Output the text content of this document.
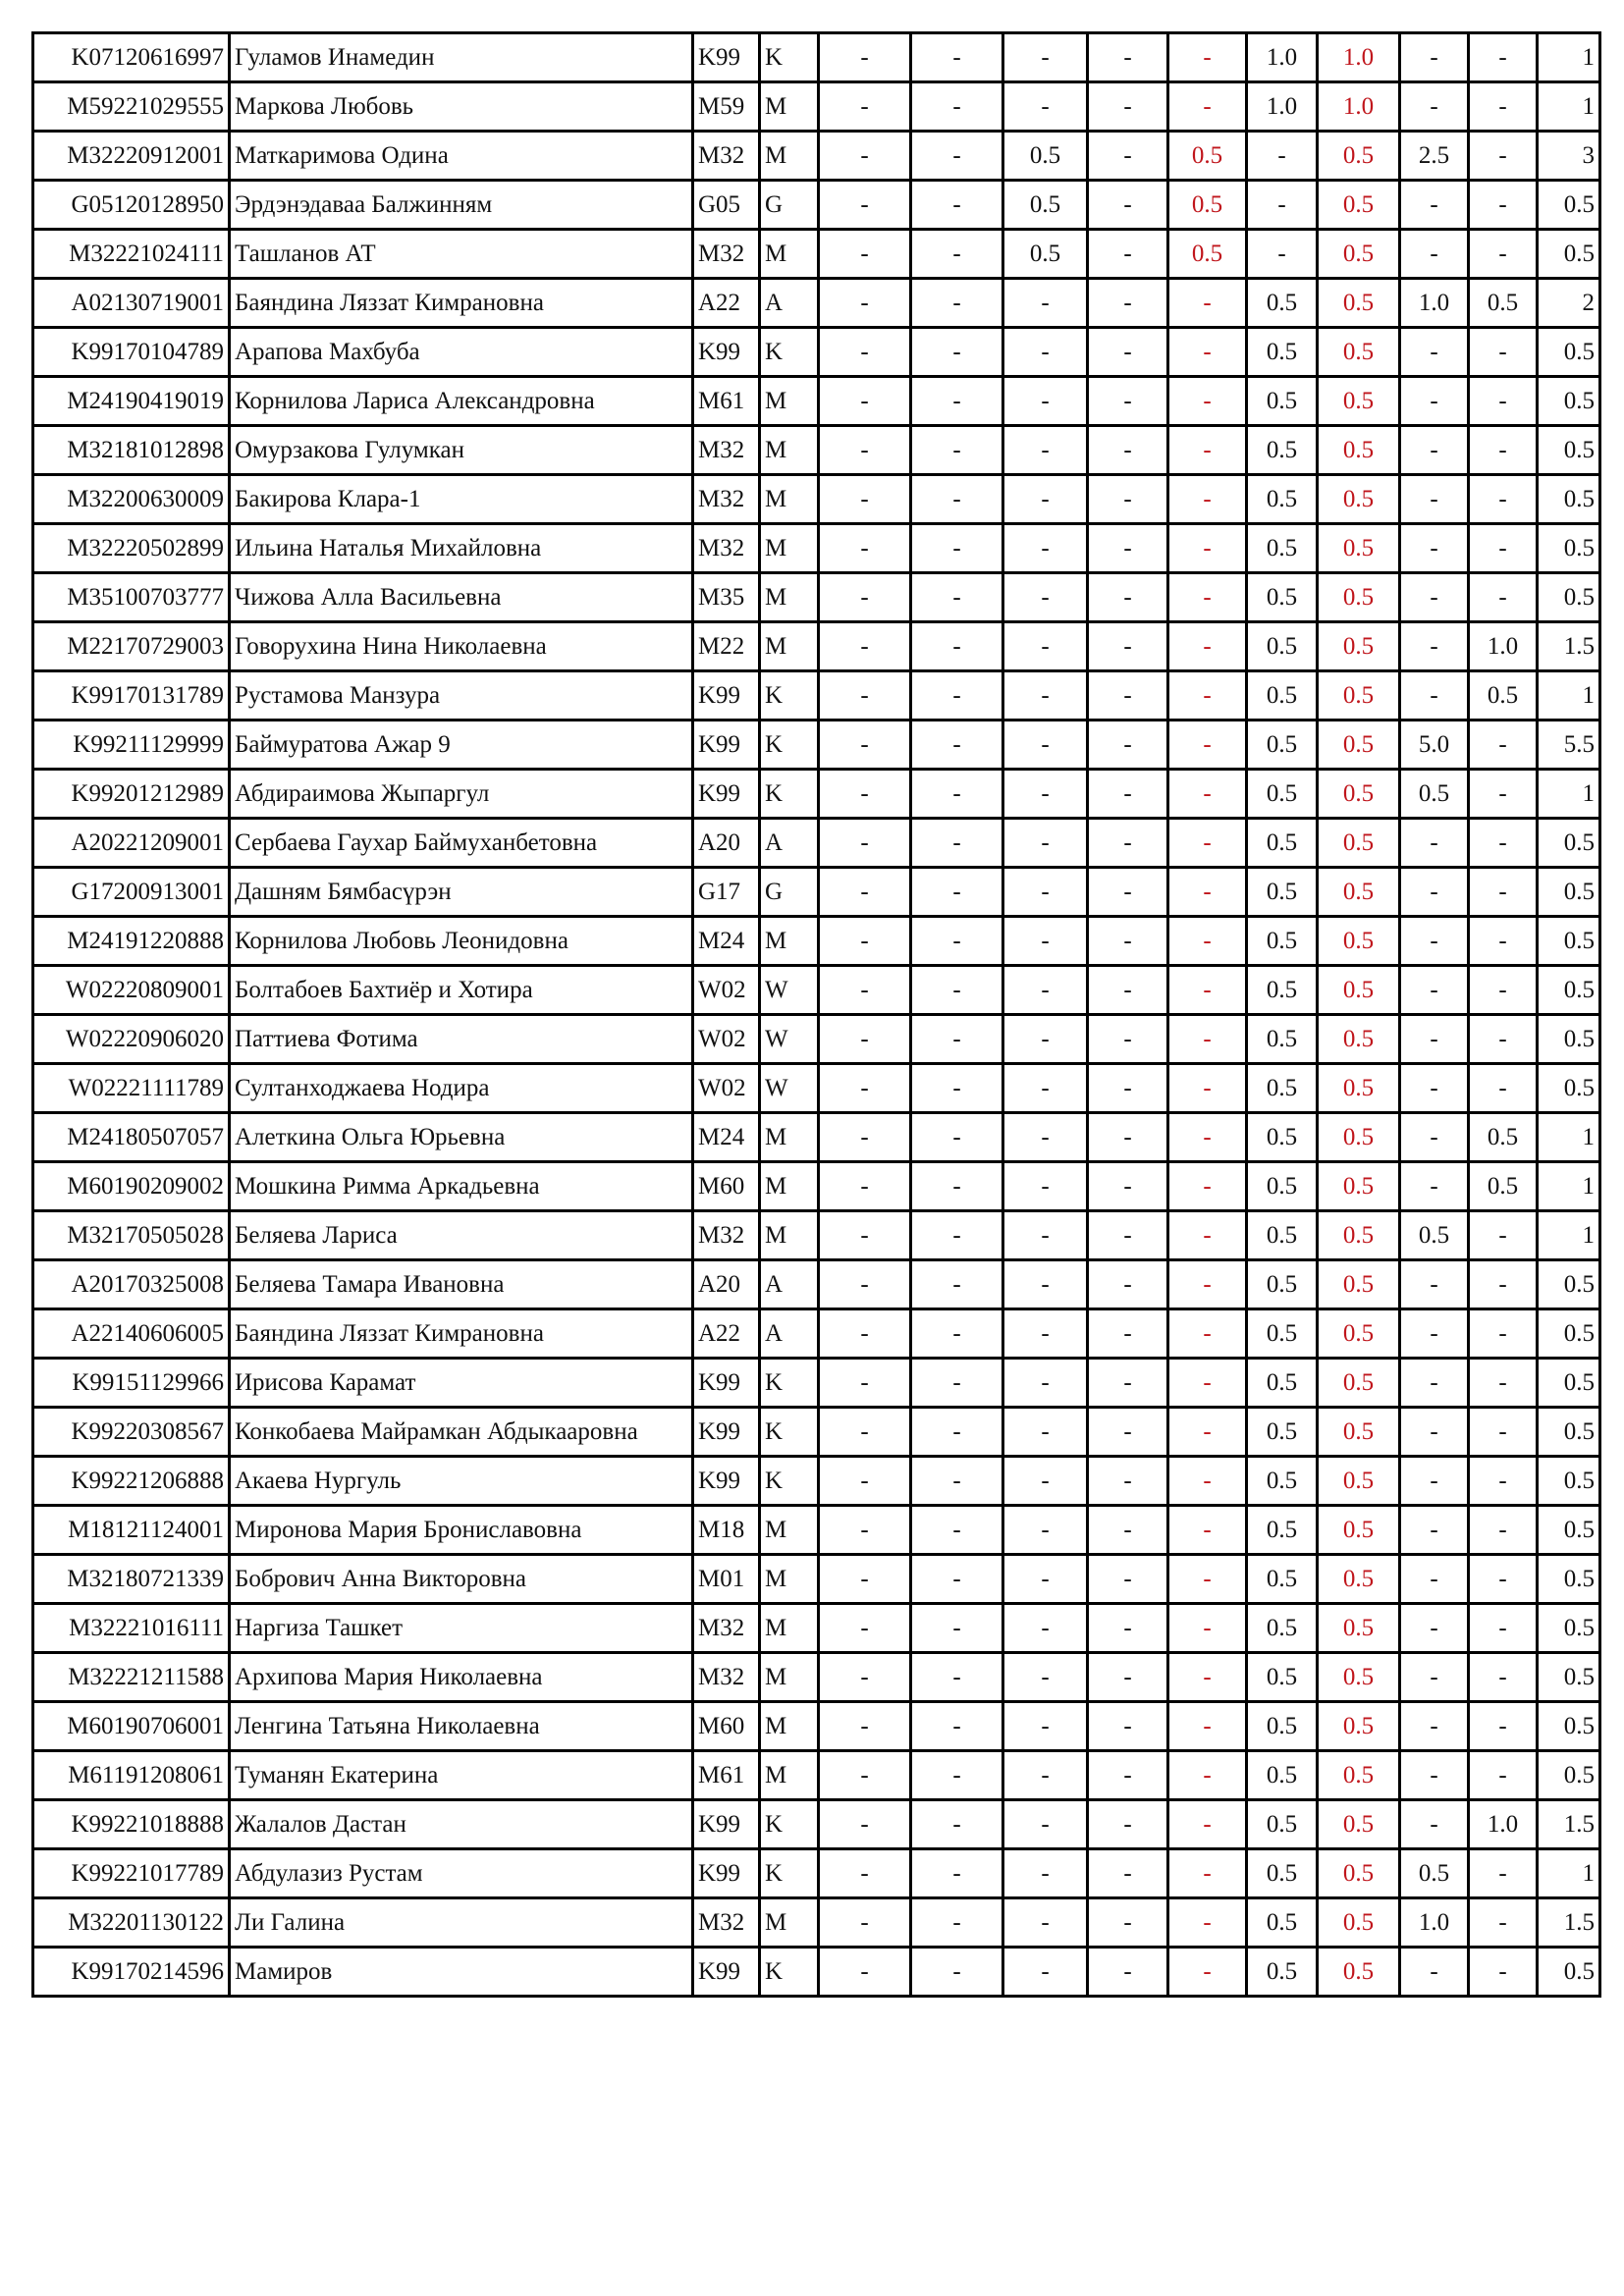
K07120616997	Гуламов Инамедин	K99	K	-	-	-	-	-	1.0	1.0	-	-	1
M59221029555	Маркова Любовь	M59	M	-	-	-	-	-	1.0	1.0	-	-	1
M32220912001	Маткаримова Одина	M32	M	-	-	0.5	-	0.5	-	0.5	2.5	-	3
G05120128950	Эрдэнэдаваа Балжинням	G05	G	-	-	0.5	-	0.5	-	0.5	-	-	0.5
M32221024111	Ташланов АТ	M32	M	-	-	0.5	-	0.5	-	0.5	-	-	0.5
A02130719001	Баяндина Ляззат Кимрановна	A22	A	-	-	-	-	-	0.5	0.5	1.0	0.5	2
K99170104789	Арапова Махбуба	K99	K	-	-	-	-	-	0.5	0.5	-	-	0.5
M24190419019	Корнилова Лариса Александровна	M61	M	-	-	-	-	-	0.5	0.5	-	-	0.5
M32181012898	Омурзакова Гулумкан	M32	M	-	-	-	-	-	0.5	0.5	-	-	0.5
M32200630009	Бакирова Клара-1	M32	M	-	-	-	-	-	0.5	0.5	-	-	0.5
M32220502899	Ильина Наталья Михайловна	M32	M	-	-	-	-	-	0.5	0.5	-	-	0.5
M35100703777	Чижова Алла Васильевна	M35	M	-	-	-	-	-	0.5	0.5	-	-	0.5
M22170729003	Говорухина Нина Николаевна	M22	M	-	-	-	-	-	0.5	0.5	-	1.0	1.5
K99170131789	Рустамова Манзура	K99	K	-	-	-	-	-	0.5	0.5	-	0.5	1
K99211129999	Баймуратова Ажар 9	K99	K	-	-	-	-	-	0.5	0.5	5.0	-	5.5
K99201212989	Абдираимова Жыпаргул	K99	K	-	-	-	-	-	0.5	0.5	0.5	-	1
A20221209001	Сербаева Гаухар Баймуханбетовна	A20	A	-	-	-	-	-	0.5	0.5	-	-	0.5
G17200913001	Дашням Бямбасүрэн	G17	G	-	-	-	-	-	0.5	0.5	-	-	0.5
M24191220888	Корнилова Любовь Леонидовна	M24	M	-	-	-	-	-	0.5	0.5	-	-	0.5
W02220809001	Болтабоев Бахтиёр и Хотира	W02	W	-	-	-	-	-	0.5	0.5	-	-	0.5
W02220906020	Паттиева Фотима	W02	W	-	-	-	-	-	0.5	0.5	-	-	0.5
W02221111789	Султанходжаева Нодира	W02	W	-	-	-	-	-	0.5	0.5	-	-	0.5
M24180507057	Алеткина Ольга Юрьевна	M24	M	-	-	-	-	-	0.5	0.5	-	0.5	1
M60190209002	Мошкина Римма Аркадьевна	M60	M	-	-	-	-	-	0.5	0.5	-	0.5	1
M32170505028	Беляева Лариса	M32	M	-	-	-	-	-	0.5	0.5	0.5	-	1
A20170325008	Беляева Тамара Ивановна	A20	A	-	-	-	-	-	0.5	0.5	-	-	0.5
A22140606005	Баяндина Ляззат Кимрановна	A22	A	-	-	-	-	-	0.5	0.5	-	-	0.5
K99151129966	Ирисова Карамат	K99	K	-	-	-	-	-	0.5	0.5	-	-	0.5
K99220308567	Конкобаева Майрамкан Абдыкааровна	K99	K	-	-	-	-	-	0.5	0.5	-	-	0.5
K99221206888	Акаева Нургуль	K99	K	-	-	-	-	-	0.5	0.5	-	-	0.5
M18121124001	Миронова Мария Брониславовна	M18	M	-	-	-	-	-	0.5	0.5	-	-	0.5
M32180721339	Бобрович Анна Викторовна	M01	M	-	-	-	-	-	0.5	0.5	-	-	0.5
M32221016111	Наргиза Ташкет	M32	M	-	-	-	-	-	0.5	0.5	-	-	0.5
M32221211588	Архипова Мария Николаевна	M32	M	-	-	-	-	-	0.5	0.5	-	-	0.5
M60190706001	Ленгина Татьяна Николаевна	M60	M	-	-	-	-	-	0.5	0.5	-	-	0.5
M61191208061	Туманян Екатерина	M61	M	-	-	-	-	-	0.5	0.5	-	-	0.5
K99221018888	Жалалов Дастан	K99	K	-	-	-	-	-	0.5	0.5	-	1.0	1.5
K99221017789	Абдулазиз Рустам	K99	K	-	-	-	-	-	0.5	0.5	0.5	-	1
M32201130122	Ли Галина	M32	M	-	-	-	-	-	0.5	0.5	1.0	-	1.5
K99170214596	Мамиров	K99	K	-	-	-	-	-	0.5	0.5	-	-	0.5
